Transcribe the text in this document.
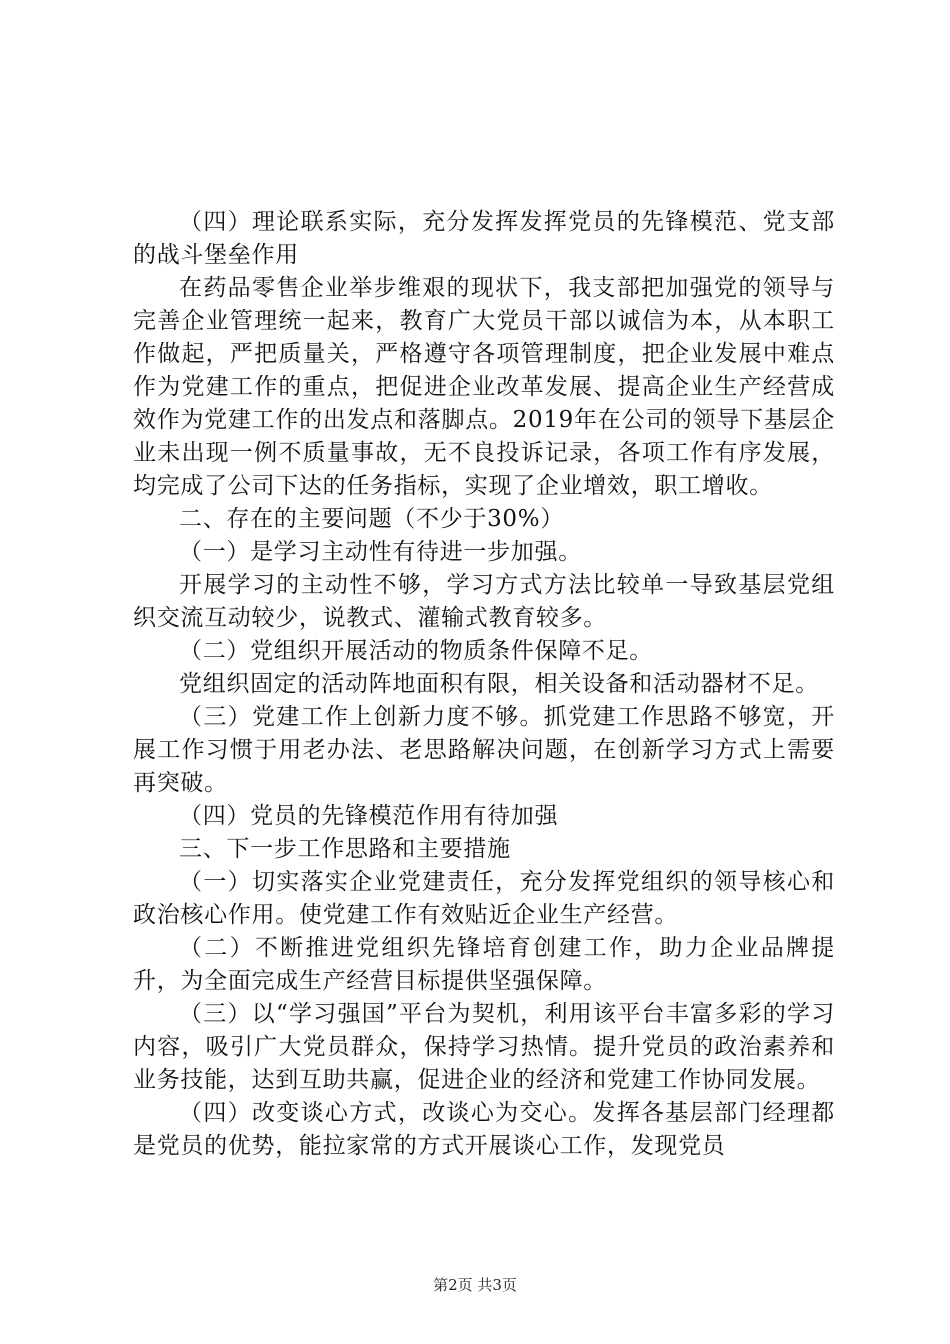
（四）理论联系实际，充分发挥发挥党员的先锋模范、党支部的战斗堡垒作用

在药品零售企业举步维艰的现状下，我支部把加强党的领导与完善企业管理统一起来，教育广大党员干部以诚信为本，从本职工作做起，严把质量关，严格遵守各项管理制度，把企业发展中难点作为党建工作的重点，把促进企业改革发展、提高企业生产经营成效作为党建工作的出发点和落脚点。2019年在公司的领导下基层企业未出现一例不质量事故，无不良投诉记录，各项工作有序发展，均完成了公司下达的任务指标，实现了企业增效，职工增收。

二、存在的主要问题（不少于30%）

（一）是学习主动性有待进一步加强。

开展学习的主动性不够，学习方式方法比较单一导致基层党组织交流互动较少，说教式、灌输式教育较多。

（二）党组织开展活动的物质条件保障不足。

党组织固定的活动阵地面积有限，相关设备和活动器材不足。

（三）党建工作上创新力度不够。抓党建工作思路不够宽，开展工作习惯于用老办法、老思路解决问题，在创新学习方式上需要再突破。

（四）党员的先锋模范作用有待加强

三、下一步工作思路和主要措施

（一）切实落实企业党建责任，充分发挥党组织的领导核心和政治核心作用。使党建工作有效贴近企业生产经营。

（二）不断推进党组织先锋培育创建工作，助力企业品牌提升，为全面完成生产经营目标提供坚强保障。

（三）以“学习强国”平台为契机，利用该平台丰富多彩的学习内容，吸引广大党员群众，保持学习热情。提升党员的政治素养和业务技能，达到互助共赢，促进企业的经济和党建工作协同发展。

（四）改变谈心方式，改谈心为交心。发挥各基层部门经理都是党员的优势，能拉家常的方式开展谈心工作，发现党员

第2页 共3页
